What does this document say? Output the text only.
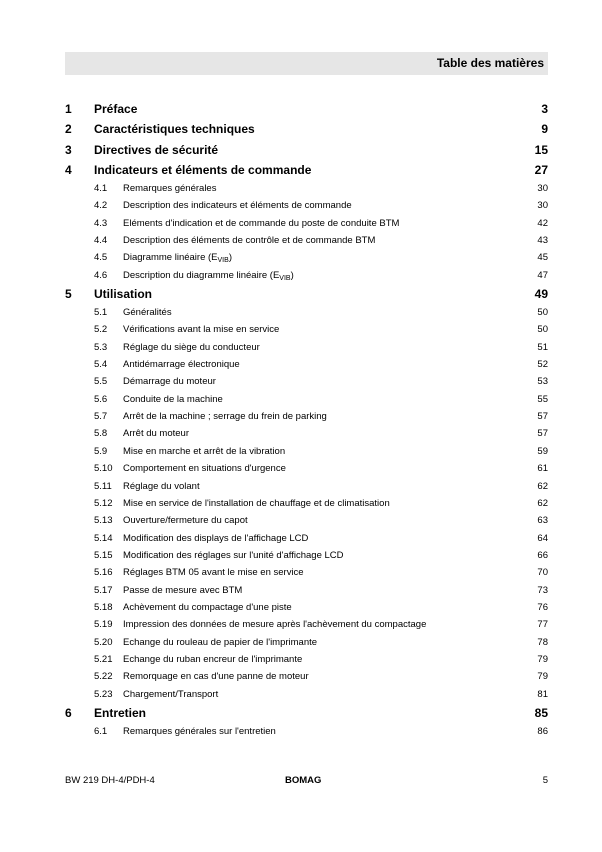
Table des matières
1 Préface	3
2 Caractéristiques techniques	9
3 Directives de sécurité	15
4 Indicateurs et éléments de commande	27
4.1 Remarques générales	30
4.2 Description des indicateurs et éléments de commande	30
4.3 Eléments d'indication et de commande du poste de conduite BTM	42
4.4 Description des éléments de contrôle et de commande BTM	43
4.5 Diagramme linéaire $(E_{VIB})$	45
4.6 Description du diagramme linéaire $(E_{VIB})$	47
5 Utilisation	49
5.1 Généralités	50
5.2 Vérifications avant la mise en service	50
5.3 Réglage du siège du conducteur	51
5.4 Antidémarrage électronique	52
5.5 Démarrage du moteur	53
5.6 Conduite de la machine	55
5.7 Arrêt de la machine ; serrage du frein de parking	57
5.8 Arrêt du moteur	57
5.9 Mise en marche et arrêt de la vibration	59
5.10 Comportement en situations d'urgence	61
5.11 Réglage du volant	62
5.12 Mise en service de l'installation de chauffage et de climatisation	62
5.13 Ouverture/fermeture du capot	63
5.14 Modification des displays de l'affichage LCD	64
5.15 Modification des réglages sur l'unité d'affichage LCD	66
5.16 Réglages BTM 05 avant le mise en service	70
5.17 Passe de mesure avec BTM	73
5.18 Achèvement du compactage d'une piste	76
5.19 Impression des données de mesure après l'achèvement du compactage	77
5.20 Echange du rouleau de papier de l'imprimante	78
5.21 Echange du ruban encreur de l'imprimante	79
5.22 Remorquage en cas d'une panne de moteur	79
5.23 Chargement/Transport	81
6 Entretien	85
6.1 Remarques générales sur l'entretien	86
BW 219 DH-4/PDH-4	BOMAG	5
